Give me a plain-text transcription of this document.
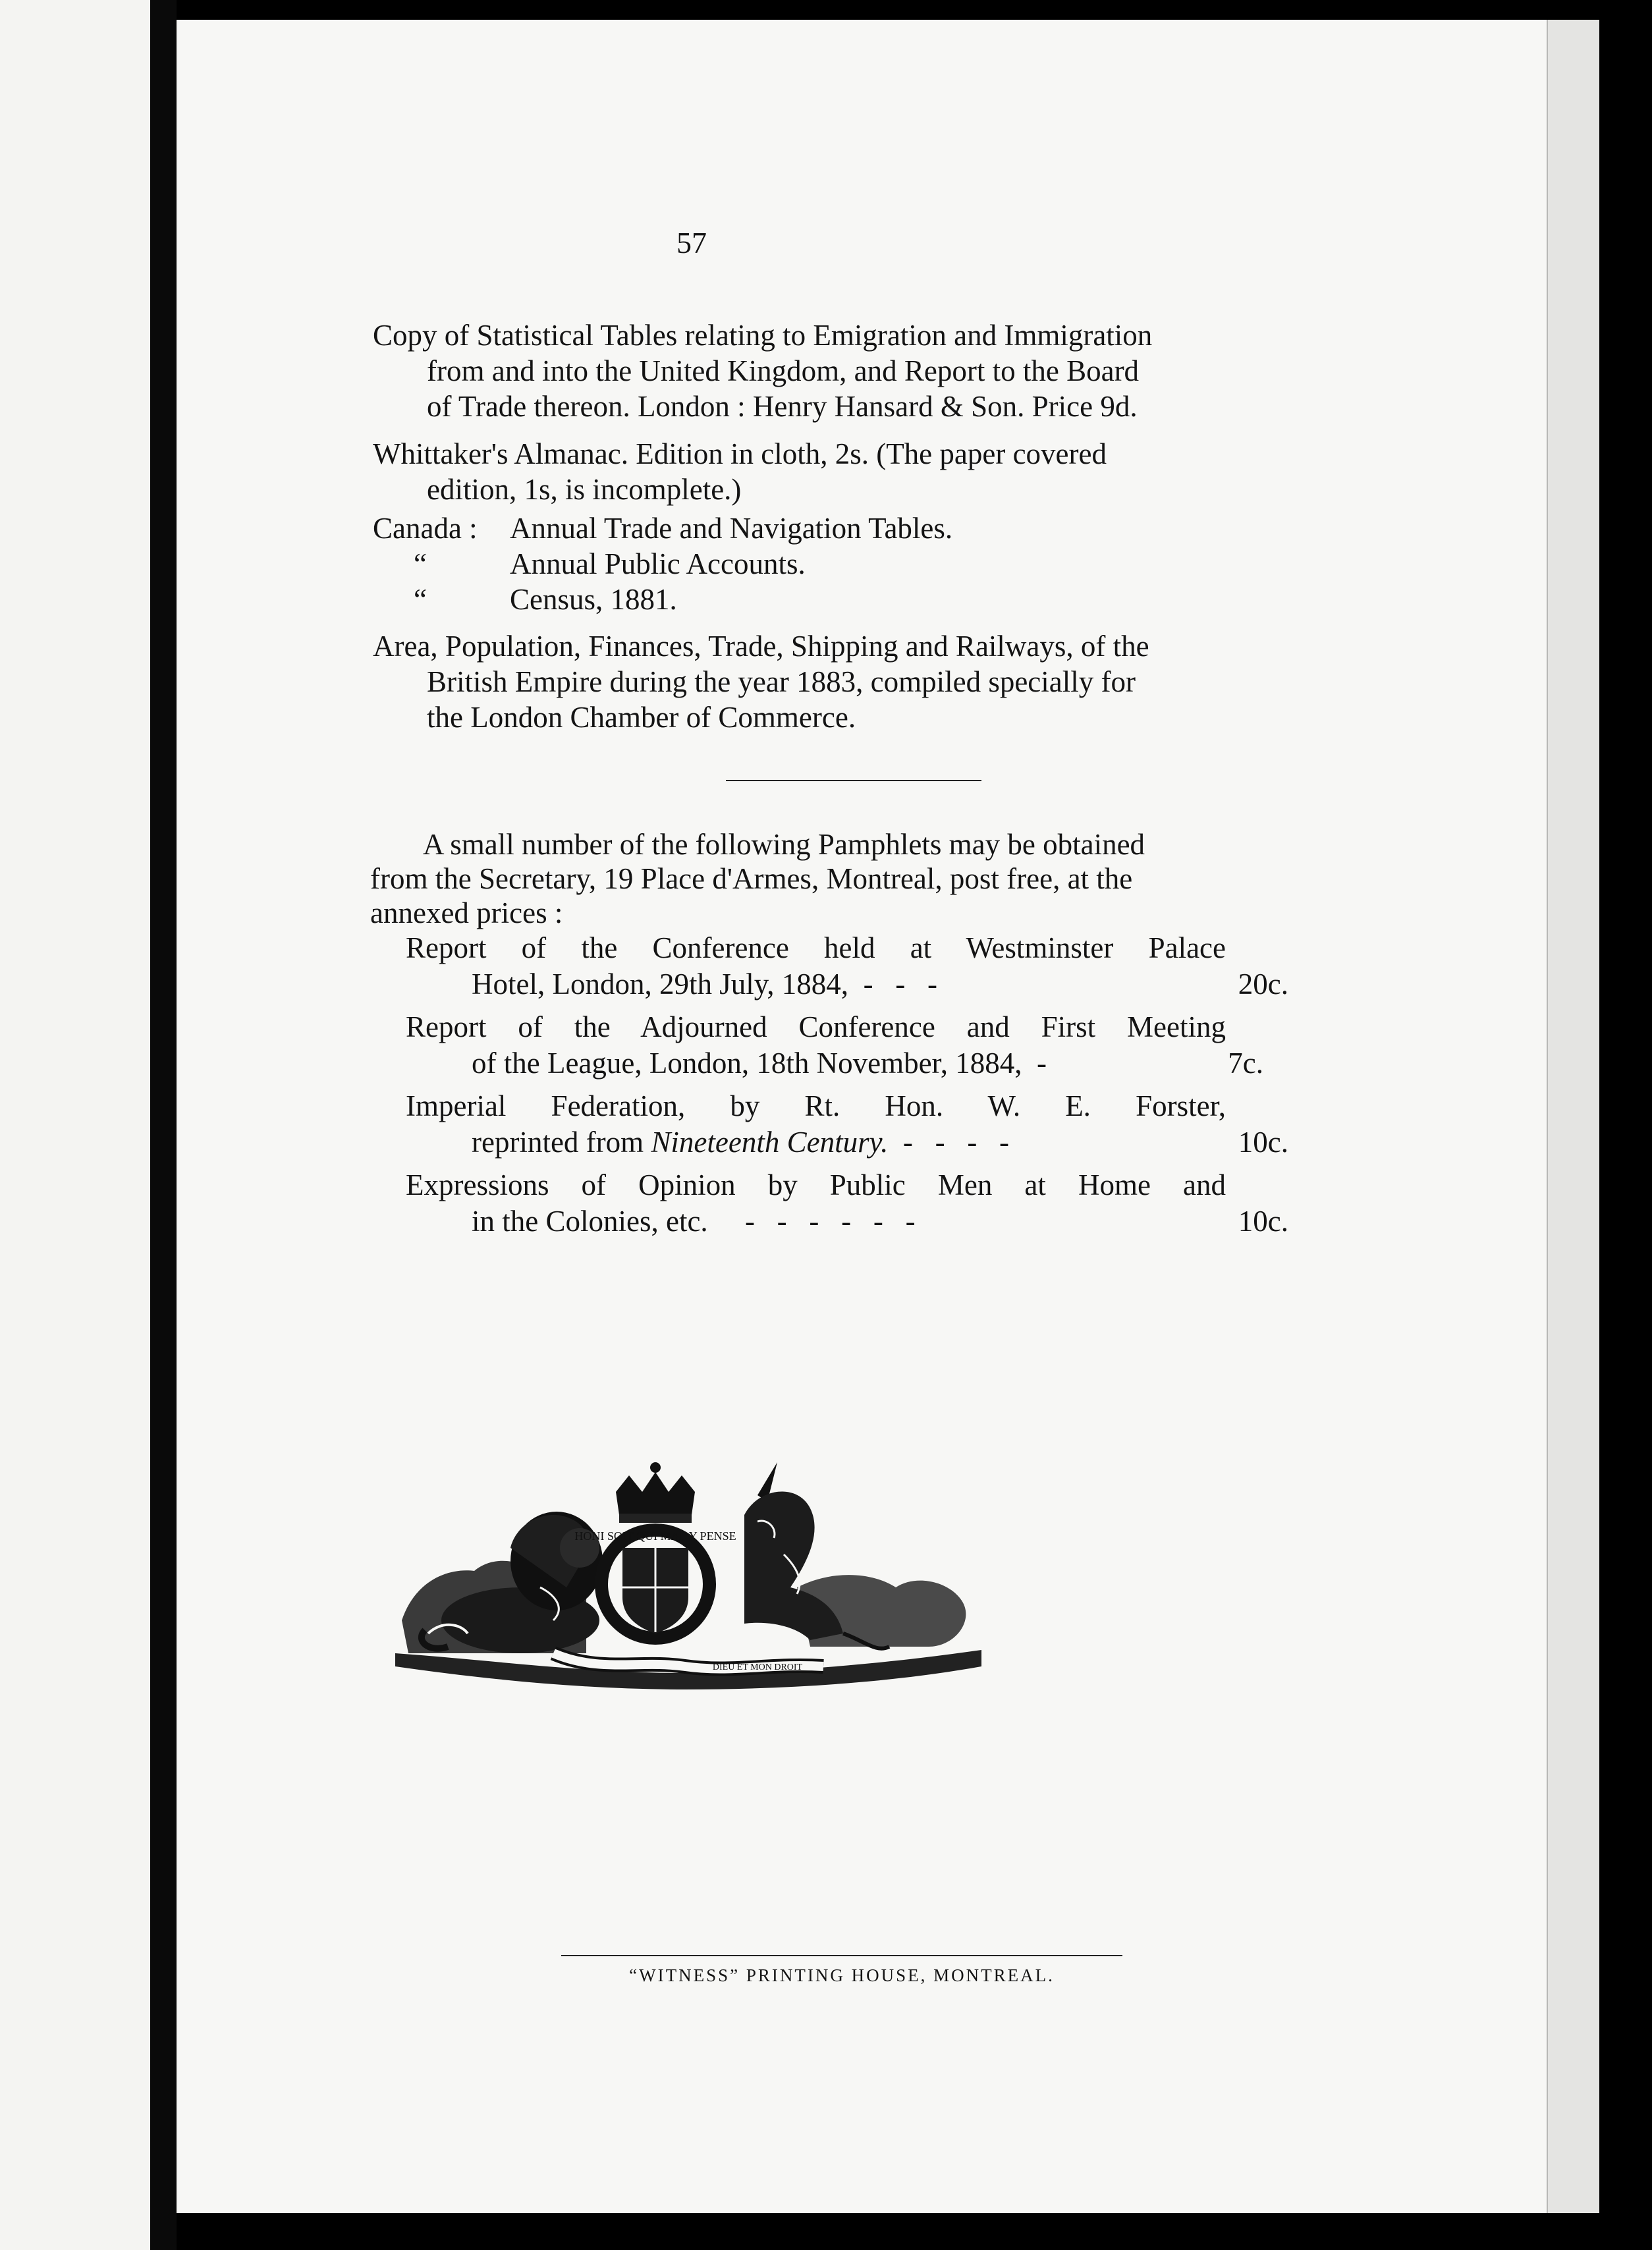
57
Copy of Statistical Tables relating to Emigration and Immigration
from and into the United Kingdom, and Report to the Board
of Trade thereon. London : Henry Hansard & Son. Price 9d.
Whittaker's Almanac. Edition in cloth, 2s. (The paper covered
edition, 1s, is incomplete.)
Canada : Annual Trade and Navigation Tables.
“	Annual Public Accounts.
“	Census, 1881.
Area, Population, Finances, Trade, Shipping and Railways, of the
British Empire during the year 1883, compiled specially for
the London Chamber of Commerce.
A small number of the following Pamphlets may be obtained
from the Secretary, 19 Place d'Armes, Montreal, post free, at the
annexed prices :
Report of the Conference held at Westminster Palace
Hotel, London, 29th July, 1884,  -   -   -	20c.
Report of the Adjourned Conference and First Meeting
of the League, London, 18th November, 1884,  -	7c.
Imperial Federation, by Rt. Hon. W. E. Forster,
reprinted from Nineteenth Century.  -   -   -   -	10c.
Expressions of Opinion by Public Men at Home and
in the Colonies, etc.     -   -   -   -   -   -	10c.
HONI SOIT QUI MAL Y PENSE
DIEU ET MON DROIT
“WITNESS” PRINTING HOUSE, MONTREAL.
